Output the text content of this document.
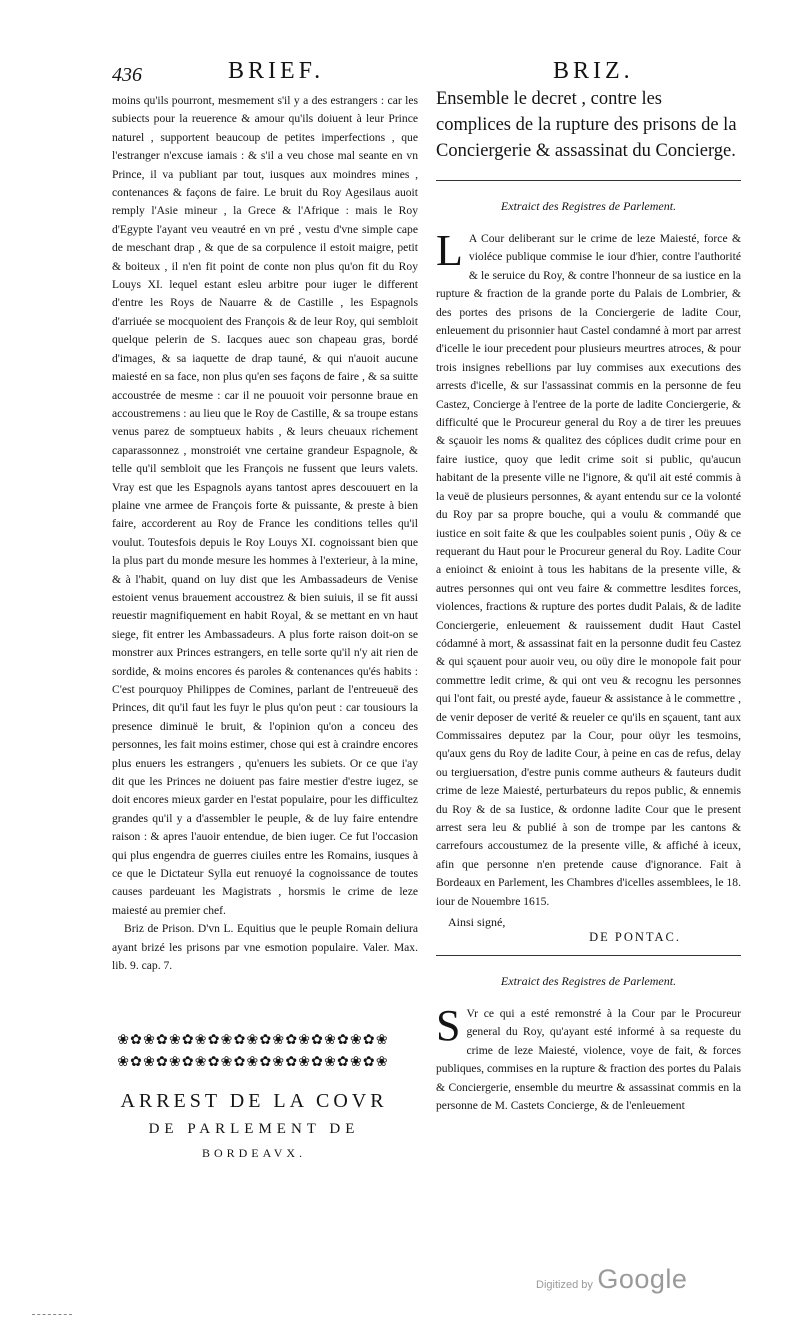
436	BRIEF.	BRIZ.

moins qu'ils pourront, mesmement s'il y a des estrangers : car les subiects pour la reuerence & amour qu'ils doiuent à leur Prince naturel , supportent beaucoup de petites imperfections , que l'estranger n'excuse iamais : & s'il a veu chose mal seante en vn Prince, il va publiant par tout, iusques aux moindres mines , contenances & façons de faire. Le bruit du Roy Agesilaus auoit remply l'Asie mineur , la Grece & l'Afrique : mais le Roy d'Egypte l'ayant veu veautré en vn pré , vestu d'vne simple cape de meschant drap , & que de sa corpulence il estoit maigre, petit & boiteux , il n'en fit point de conte non plus qu'on fit du Roy Louys XI. lequel estant esleu arbitre pour iuger le different d'entre les Roys de Nauarre & de Castille , les Espagnols d'arriuée se mocquoient des François & de leur Roy, qui sembloit quelque pelerin de S. Iacques auec son chapeau gras, bordé d'images, & sa iaquette de drap tauné, & qui n'auoit aucune maiesté en sa face, non plus qu'en ses façons de faire , & sa suitte accoustrée de mesme : car il ne pouuoit voir personne braue en accoustremens : au lieu que le Roy de Castille, & sa troupe estans venus parez de somptueux habits , & leurs cheuaux richement caparassonnez , monstroiét vne certaine grandeur Espagnole, & telle qu'il sembloit que les François ne fussent que leurs valets. Vray est que les Espagnols ayans tantost apres descouuert en la plaine vne armee de François forte & puissante, & preste à bien faire, accorderent au Roy de France les conditions telles qu'il voulut. Toutesfois depuis le Roy Louys XI. cognoissant bien que la plus part du monde mesure les hommes à l'exterieur, à la mine, & à l'habit, quand on luy dist que les Ambassadeurs de Venise estoient venus brauement accoustrez & bien suiuis, il se fit aussi reuestir magnifiquement en habit Royal, & se mettant en vn haut siege, fit entrer les Ambassadeurs. A plus forte raison doit-on se monstrer aux Princes estrangers, en telle sorte qu'il n'y ait rien de sordide, & moins encores és paroles & contenances qu'és habits : C'est pourquoy Philippes de Comines, parlant de l'entreueuë des Princes, dit qu'il faut les fuyr le plus qu'on peut : car tousiours la presence diminuë le bruit, & l'opinion qu'on a conceu des personnes, les fait moins estimer, chose qui est à craindre encores plus enuers les estrangers , qu'enuers les subiets. Or ce que i'ay dit que les Princes ne doiuent pas faire mestier d'estre iugez, se doit encores mieux garder en l'estat populaire, pour les difficultez grandes qu'il y a d'assembler le peuple, & de luy faire entendre raison : & apres l'auoir entendue, de bien iuger. Ce fut l'occasion qui plus engendra de guerres ciuiles entre les Romains, iusques à ce que le Dictateur Sylla eut renuoyé la cognoissance de toutes causes pardeuant les Magistrats , horsmis le crime de leze maiesté au premier chef.

Briz de Prison. D'vn L. Equitius que le peuple Romain deliura ayant brizé les prisons par vne esmotion populaire. Valer. Max. lib. 9. cap. 7.

❀✿❀✿❀✿❀✿❀✿❀✿❀✿❀✿❀✿❀✿❀
❀✿❀✿❀✿❀✿❀✿❀✿❀✿❀✿❀✿❀✿❀
ARREST DE LA COVR
DE PARLEMENT DE
BORDEAVX.

Ensemble le decret , contre les complices de la rupture des prisons de la Conciergerie & assassinat du Concierge.

Extraict des Registres de Parlement.

L A Cour deliberant sur le crime de leze Maiesté, force & violéce publique commise le iour d'hier, contre l'authorité & le seruice du Roy, & contre l'honneur de sa iustice en la rupture & fraction de la grande porte du Palais de Lombrier, & des portes des prisons de la Conciergerie de ladite Cour, enleuement du prisonnier haut Castel condamné à mort par arrest d'icelle le iour precedent pour plusieurs meurtres atroces, & pour trois insignes rebellions par luy commises aux executions des arrests d'icelle, & sur l'assassinat commis en la personne de feu Castez, Concierge à l'entree de la porte de ladite Conciergerie, & difficulté que le Procureur general du Roy a de tirer les preuues & sçauoir les noms & qualitez des cóplices dudit crime pour en faire iustice, quoy que ledit crime soit si public, qu'aucun habitant de la presente ville ne l'ignore, & qu'il ait esté commis à la veuë de plusieurs personnes, & ayant entendu sur ce la volonté du Roy par sa propre bouche, qui a voulu & commandé que iustice en soit faite & que les coulpables soient punis , Oüy & ce requerant du Haut pour le Procureur general du Roy. Ladite Cour a enioinct & enioint à tous les habitans de la presente ville, & autres personnes qui ont veu faire & commettre lesdites forces, violences, fractions & rupture des portes dudit Palais, & de ladite Conciergerie, enleuement & rauissement dudit Haut Castel códamné à mort, & assassinat fait en la personne dudit feu Castez & qui sçauent pour auoir veu, ou oüy dire le monopole fait pour commettre ledit crime, & qui ont veu & recognu les personnes qui l'ont fait, ou presté ayde, faueur & assistance à le commettre , de venir deposer de verité & reueler ce qu'ils en sçauent, tant aux Commissaires deputez par la Cour, pour oüyr les tesmoins, qu'aux gens du Roy de ladite Cour, à peine en cas de refus, delay ou tergiuersation, d'estre punis comme autheurs & fauteurs dudit crime de leze Maiesté, perturbateurs du repos public, & ennemis du Roy & de sa Iustice, & ordonne ladite Cour que le present arrest sera leu & publié à son de trompe par les cantons & carrefours accoustumez de la presente ville, & affiché à iceux, afin que personne n'en pretende cause d'ignorance. Fait à Bordeaux en Parlement, les Chambres d'icelles assemblees, le 18. iour de Nouembre 1615.

Ainsi signé,

DE PONTAC.

Extraict des Registres de Parlement.

S Vr ce qui a esté remonstré à la Cour par le Procureur general du Roy, qu'ayant esté informé à sa requeste du crime de leze Maiesté, violence, voye de fait, & forces publiques, commises en la rupture & fraction des portes du Palais & Conciergerie, ensemble du meurtre & assassinat commis en la personne de M. Castets Concierge, & de l'enleuement
Digitized by Google
